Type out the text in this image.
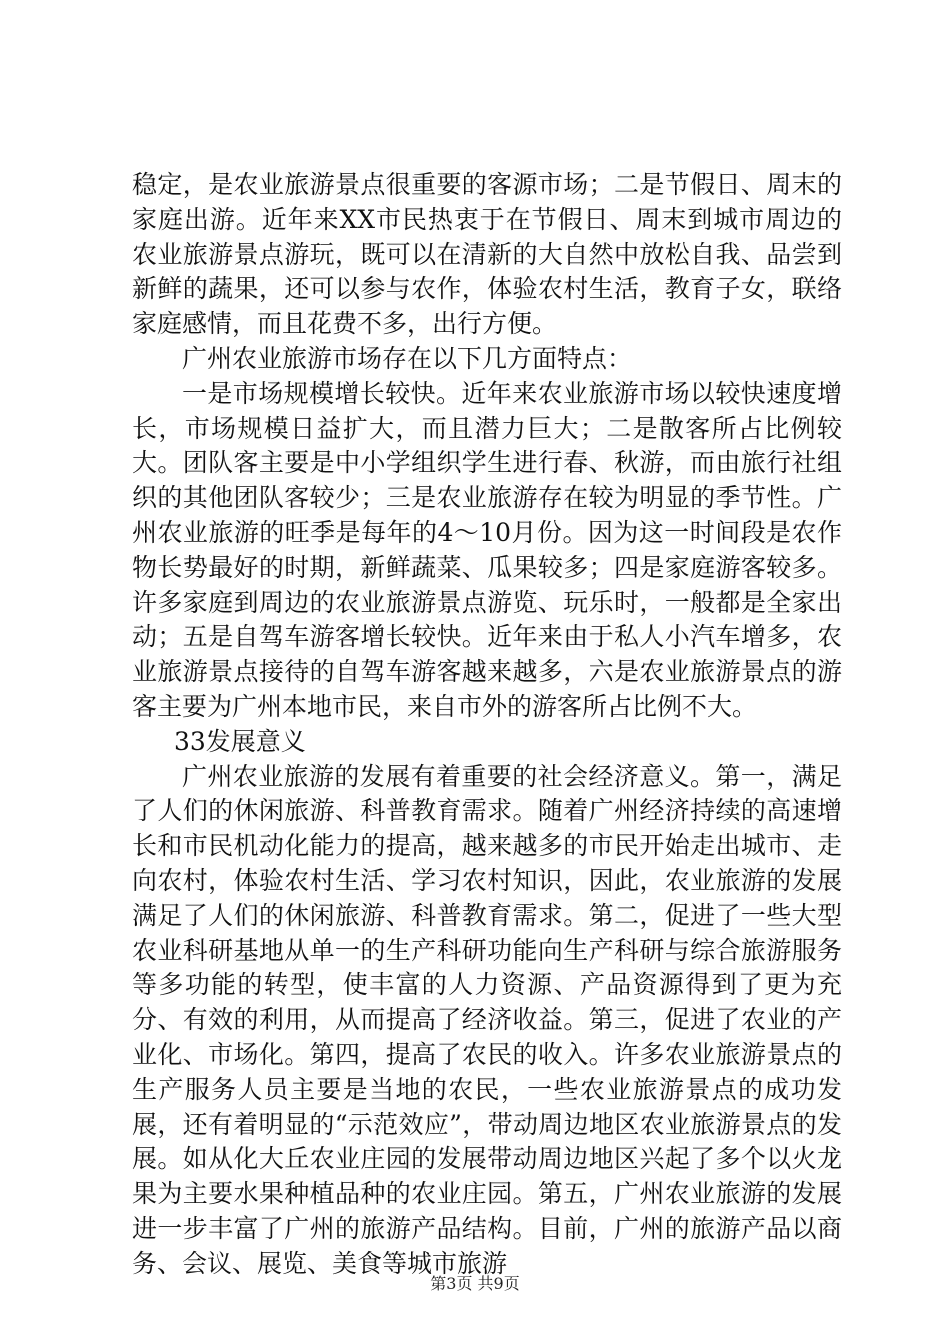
稳定，是农业旅游景点很重要的客源市场；二是节假日、周末的家庭出游。近年来XX市民热衷于在节假日、周末到城市周边的农业旅游景点游玩，既可以在清新的大自然中放松自我、品尝到新鲜的蔬果，还可以参与农作，体验农村生活，教育子女，联络家庭感情，而且花费不多，出行方便。

广州农业旅游市场存在以下几方面特点：

一是市场规模增长较快。近年来农业旅游市场以较快速度增长，市场规模日益扩大，而且潜力巨大；二是散客所占比例较大。团队客主要是中小学组织学生进行春、秋游，而由旅行社组织的其他团队客较少；三是农业旅游存在较为明显的季节性。广州农业旅游的旺季是每年的4～10月份。因为这一时间段是农作物长势最好的时期，新鲜蔬菜、瓜果较多；四是家庭游客较多。许多家庭到周边的农业旅游景点游览、玩乐时，一般都是全家出动；五是自驾车游客增长较快。近年来由于私人小汽车增多，农业旅游景点接待的自驾车游客越来越多，六是农业旅游景点的游客主要为广州本地市民，来自市外的游客所占比例不大。

33发展意义

广州农业旅游的发展有着重要的社会经济意义。第一，满足了人们的休闲旅游、科普教育需求。随着广州经济持续的高速增长和市民机动化能力的提高，越来越多的市民开始走出城市、走向农村，体验农村生活、学习农村知识，因此，农业旅游的发展满足了人们的休闲旅游、科普教育需求。第二，促进了一些大型农业科研基地从单一的生产科研功能向生产科研与综合旅游服务等多功能的转型，使丰富的人力资源、产品资源得到了更为充分、有效的利用，从而提高了经济收益。第三，促进了农业的产业化、市场化。第四，提高了农民的收入。许多农业旅游景点的生产服务人员主要是当地的农民，一些农业旅游景点的成功发展，还有着明显的“示范效应”，带动周边地区农业旅游景点的发展。如从化大丘农业庄园的发展带动周边地区兴起了多个以火龙果为主要水果种植品种的农业庄园。第五，广州农业旅游的发展进一步丰富了广州的旅游产品结构。目前，广州的旅游产品以商务、会议、展览、美食等城市旅游

第3页 共9页
